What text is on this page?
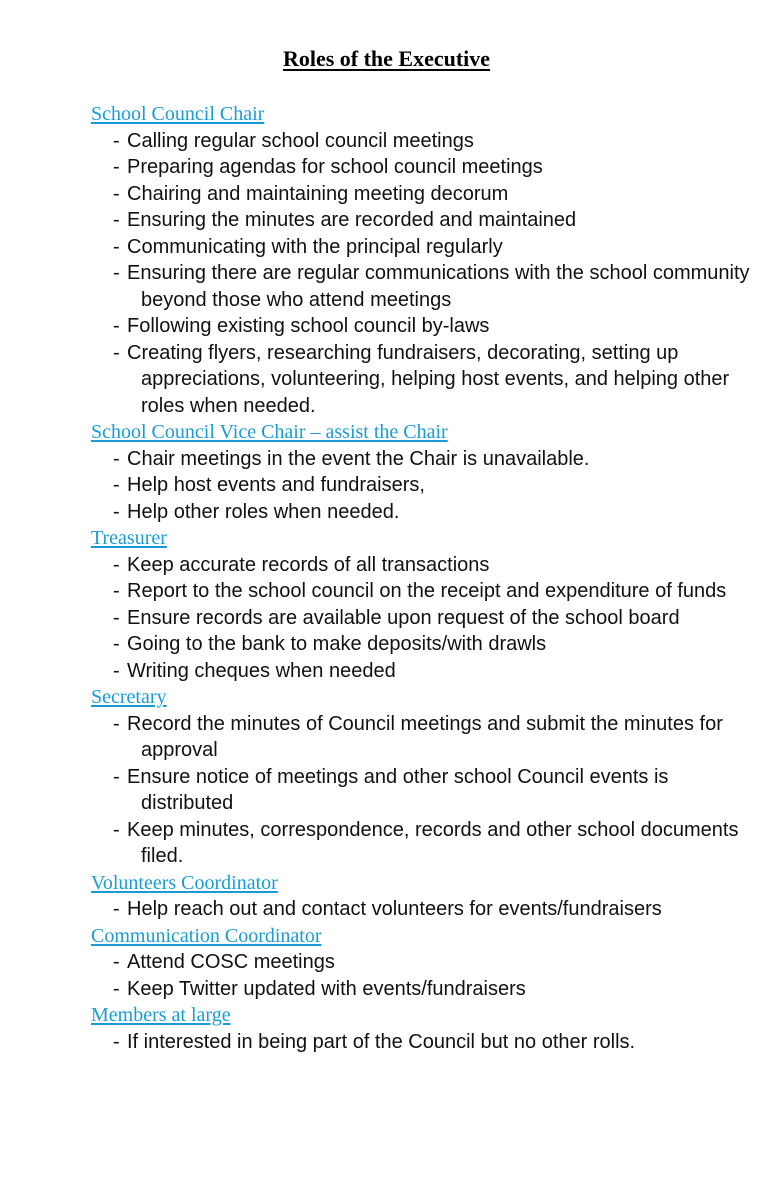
Roles of the Executive
School Council Chair
- Calling regular school council meetings
- Preparing agendas for school council meetings
- Chairing and maintaining meeting decorum
- Ensuring the minutes are recorded and maintained
- Communicating with the principal regularly
- Ensuring there are regular communications with the school community beyond those who attend meetings
- Following existing school council by-laws
- Creating flyers, researching fundraisers, decorating, setting up appreciations, volunteering, helping host events, and helping other roles when needed.
School Council Vice Chair – assist the Chair
- Chair meetings in the event the Chair is unavailable.
- Help host events and fundraisers,
- Help other roles when needed.
Treasurer
- Keep accurate records of all transactions
- Report to the school council on the receipt and expenditure of funds
- Ensure records are available upon request of the school board
- Going to the bank to make deposits/with drawls
- Writing cheques when needed
Secretary
- Record the minutes of Council meetings and submit the minutes for approval
- Ensure notice of meetings and other school Council events is distributed
- Keep minutes, correspondence, records and other school documents filed.
Volunteers Coordinator
- Help reach out and contact volunteers for events/fundraisers
Communication Coordinator
- Attend COSC meetings
- Keep Twitter updated with events/fundraisers
Members at large
- If interested in being part of the Council but no other rolls.
